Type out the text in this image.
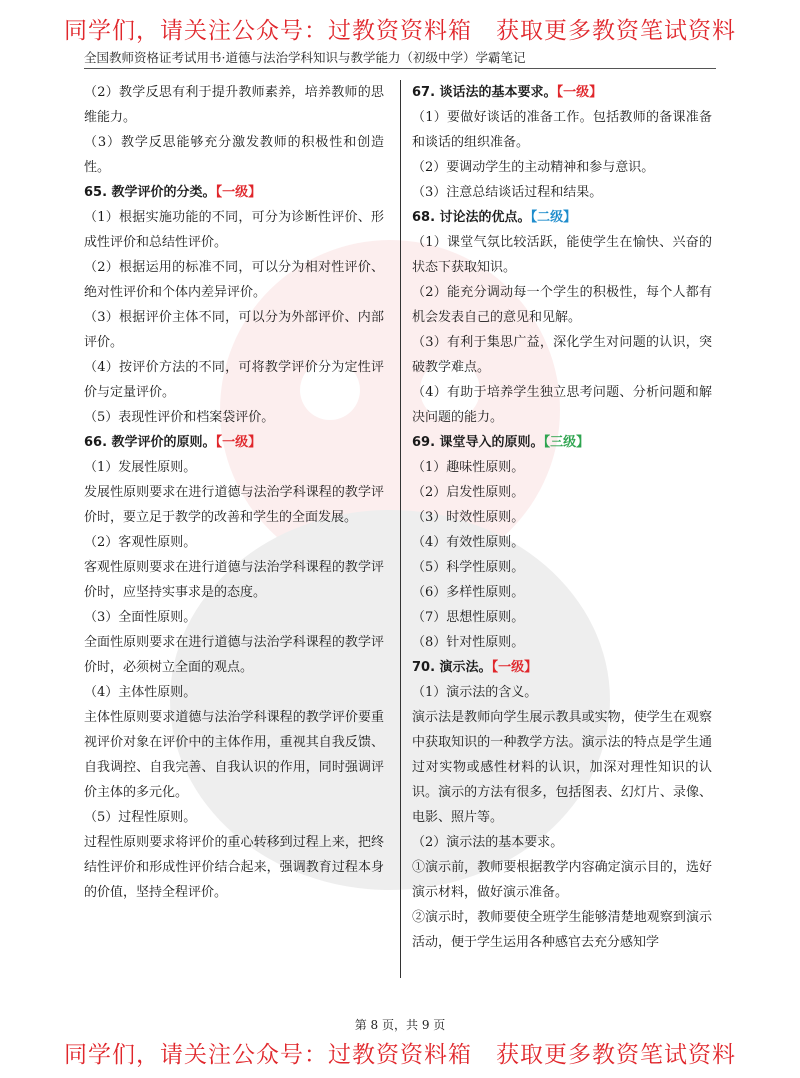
同学们，请关注公众号：过教资资料箱　获取更多教资笔试资料
全国教师资格证考试用书·道德与法治学科知识与教学能力（初级中学）学霸笔记
（2）教学反思有利于提升教师素养，培养教师的思维能力。
（3）教学反思能够充分激发教师的积极性和创造性。
65. 教学评价的分类。【一级】
（1）根据实施功能的不同，可分为诊断性评价、形成性评价和总结性评价。
（2）根据运用的标准不同，可以分为相对性评价、绝对性评价和个体内差异评价。
（3）根据评价主体不同，可以分为外部评价、内部评价。
（4）按评价方法的不同，可将教学评价分为定性评价与定量评价。
（5）表现性评价和档案袋评价。
66. 教学评价的原则。【一级】
（1）发展性原则。
发展性原则要求在进行道德与法治学科课程的教学评价时，要立足于教学的改善和学生的全面发展。
（2）客观性原则。
客观性原则要求在进行道德与法治学科课程的教学评价时，应坚持实事求是的态度。
（3）全面性原则。
全面性原则要求在进行道德与法治学科课程的教学评价时，必须树立全面的观点。
（4）主体性原则。
主体性原则要求道德与法治学科课程的教学评价要重视评价对象在评价中的主体作用，重视其自我反馈、自我调控、自我完善、自我认识的作用，同时强调评价主体的多元化。
（5）过程性原则。
过程性原则要求将评价的重心转移到过程上来，把终结性评价和形成性评价结合起来，强调教育过程本身的价值，坚持全程评价。
67. 谈话法的基本要求。【一级】
（1）要做好谈话的准备工作。包括教师的备课准备和谈话的组织准备。
（2）要调动学生的主动精神和参与意识。
（3）注意总结谈话过程和结果。
68. 讨论法的优点。【二级】
（1）课堂气氛比较活跃，能使学生在愉快、兴奋的状态下获取知识。
（2）能充分调动每一个学生的积极性，每个人都有机会发表自己的意见和见解。
（3）有利于集思广益，深化学生对问题的认识，突破教学难点。
（4）有助于培养学生独立思考问题、分析问题和解决问题的能力。
69. 课堂导入的原则。【三级】
（1）趣味性原则。
（2）启发性原则。
（3）时效性原则。
（4）有效性原则。
（5）科学性原则。
（6）多样性原则。
（7）思想性原则。
（8）针对性原则。
70. 演示法。【一级】
（1）演示法的含义。
演示法是教师向学生展示教具或实物，使学生在观察中获取知识的一种教学方法。演示法的特点是学生通过对实物或感性材料的认识，加深对理性知识的认识。演示的方法有很多，包括图表、幻灯片、录像、电影、照片等。
（2）演示法的基本要求。
①演示前，教师要根据教学内容确定演示目的，选好演示材料，做好演示准备。
②演示时，教师要使全班学生能够清楚地观察到演示活动，便于学生运用各种感官去充分感知学
第 8 页，共 9 页
同学们，请关注公众号：过教资资料箱　获取更多教资笔试资料
